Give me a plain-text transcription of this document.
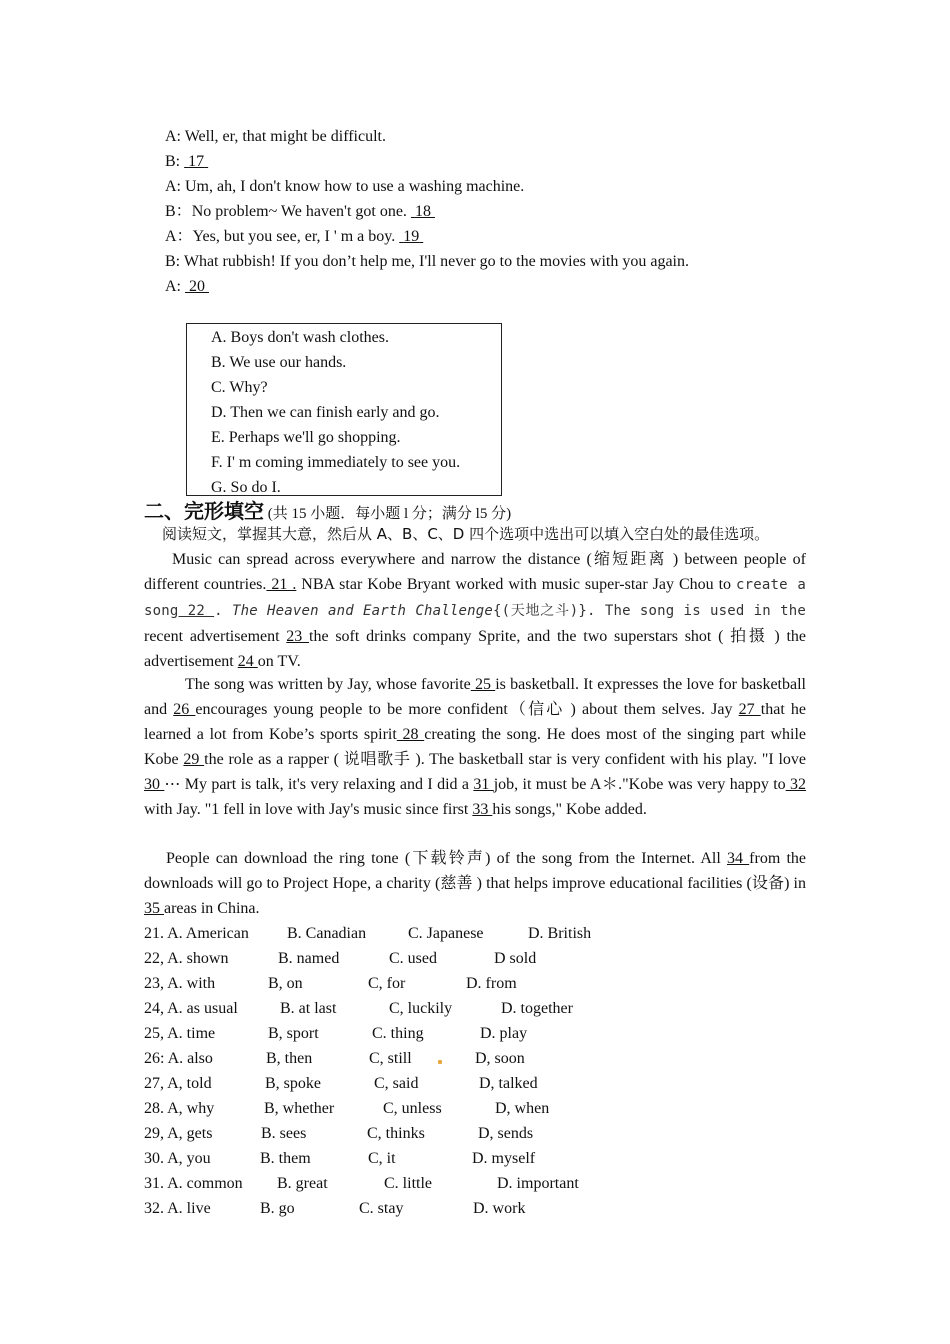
A: Well, er, that might be difficult.
B: 17
A: Um, ah, I don't know how to use a washing machine.
B：No problem~ We haven't got one.  18
A：Yes, but you see, er, I ' m a boy.  19
B: What rubbish! If you don’t help me, I'll never go to the movies with you again.
A: 20
A. Boys don't wash clothes.
B. We use our hands.
C. Why?
D. Then we can finish early and go.
E. Perhaps we'll go shopping.
F. I' m coming immediately to see you.
G. So do I.
二、完形填空 (共 15 小题．每小题 l 分；满分 l5 分)
阅读短文，掌握其大意，然后从 A、B、C、D 四个选项中选出可以填入空白处的最佳选项。
Music can spread across everywhere and narrow the distance (缩短距离 ) between people of different countries. 21 . NBA star Kobe Bryant worked with music super-star Jay Chou to create a song 22 . The Heaven and Earth Challenge{(天地之斗)}. The song is used in the recent advertisement 23 the soft drinks company Sprite, and the two superstars shot ( 拍摄 ) the advertisement 24 on TV.
The song was written by Jay, whose favorite 25 is basketball. It expresses the love for basketball and 26 encourages young people to be more confident（信心 ) about them selves. Jay 27 that he learned a lot from Kobe’s sports spirit 28 creating the song. He does most of the singing part while Kobe 29 the role as a rapper ( 说唱歌手 ). The basketball star is very confident with his play. "I love 30 ⋯ My part is talk, it's very relaxing and I did a 31 job, it must be A＊."Kobe was very happy to 32 with Jay. "1 fell in love with Jay's music since first 33 his songs," Kobe added.
People can download the ring tone (下载铃声) of the song from the Internet. All 34 from the downloads will go to Project Hope, a charity (慈善 ) that helps improve educational facilities (设备) in 35 areas in China.
21. A. American B. Canadian	C. Japanese	D. British
22, A. shown	B. named	C. used	D sold
23, A. with	B, on	C, for	D. from
24, A. as usual	B. at last	C, luckily	D. together
25, A. time	B, sport	C. thing	D. play
26: A. also	B, then	C, still	D, soon
27, A, told	B, spoke	C, said	D, talked
28. A, why	B, whether	C, unless	D, when
29, A, gets	B. sees	C, thinks	D, sends
30. A, you	B. them	C, it	D. myself
31. A. common B. great	C. little	D. important
32. A. live	B. go	C. stay	D. work
